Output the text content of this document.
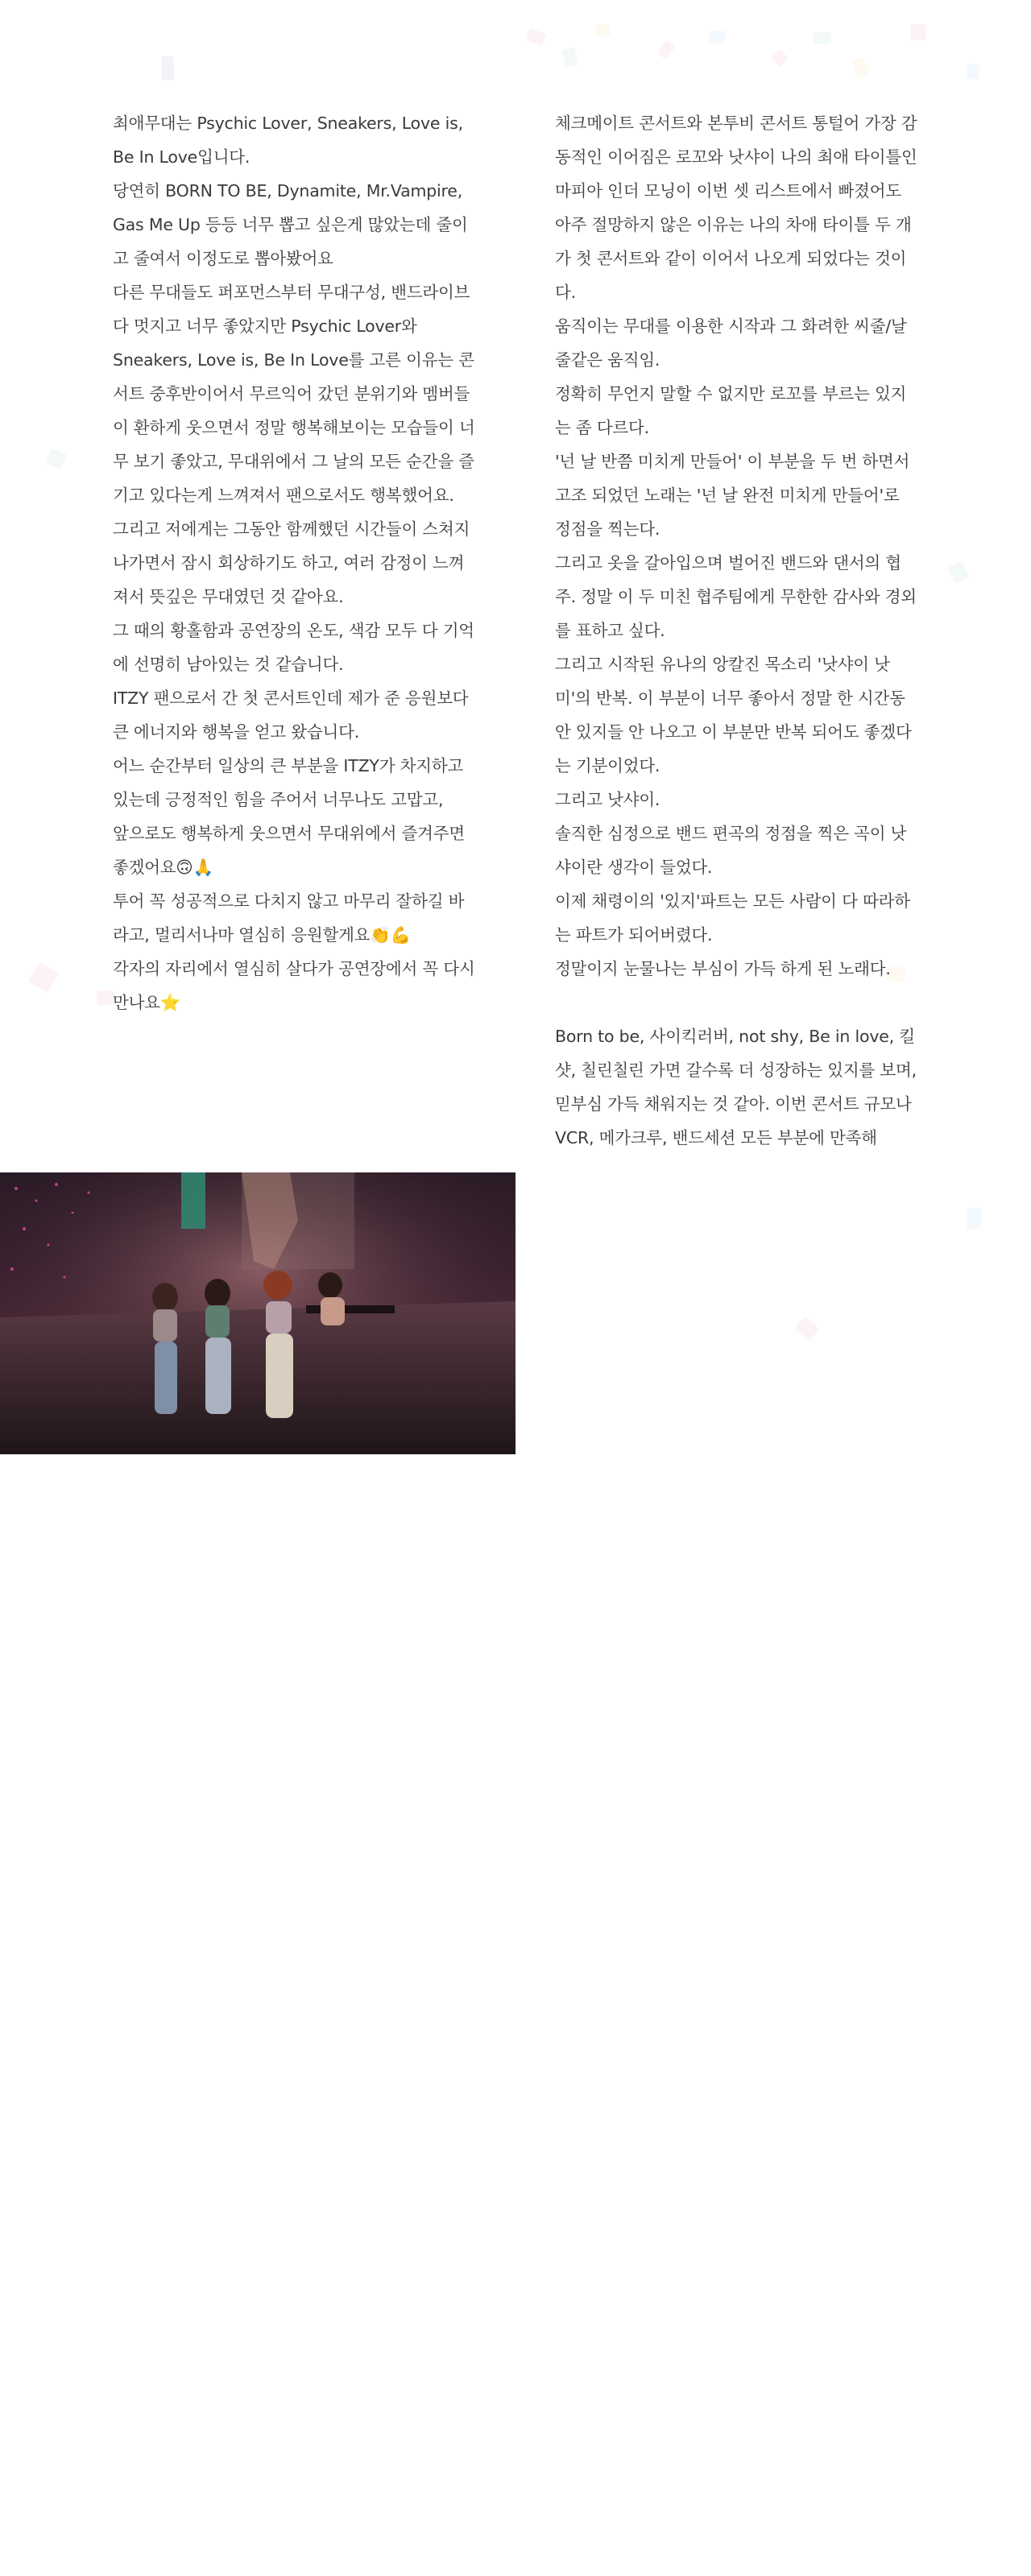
최애무대는 Psychic Lover, Sneakers, Love is, Be In Love입니다.

당연히 BORN TO BE, Dynamite, Mr.Vampire, Gas Me Up 등등 너무 뽑고 싶은게 많았는데 줄이고 줄여서 이정도로 뽑아봤어요

다른 무대들도 퍼포먼스부터 무대구성, 밴드라이브 다 멋지고 너무 좋았지만 Psychic Lover와 Sneakers, Love is, Be In Love를 고른 이유는 콘서트 중후반이어서 무르익어 갔던 분위기와 멤버들이 환하게 웃으면서 정말 행복해보이는 모습들이 너무 보기 좋았고, 무대위에서 그 날의 모든 순간을 즐기고 있다는게 느껴져서 팬으로서도 행복했어요.

그리고 저에게는 그동안 함께했던 시간들이 스쳐지나가면서 잠시 회상하기도 하고, 여러 감정이 느껴져서 뜻깊은 무대였던 것 같아요.

그 때의 황홀함과 공연장의 온도, 색감 모두 다 기억에 선명히 남아있는 것 같습니다.

ITZY 팬으로서 간 첫 콘서트인데 제가 준 응원보다 큰 에너지와 행복을 얻고 왔습니다.

어느 순간부터 일상의 큰 부분을 ITZY가 차지하고 있는데 긍정적인 힘을 주어서 너무나도 고맙고,

앞으로도 행복하게 웃으면서 무대위에서 즐겨주면 좋겠어요🙃🙏

투어 꼭 성공적으로 다치지 않고 마무리 잘하길 바라고, 멀리서나마 열심히 응원할게요👏💪

각자의 자리에서 열심히 살다가 공연장에서 꼭 다시 만나요⭐

체크메이트 콘서트와 본투비 콘서트 통털어 가장 감동적인 이어짐은 로꼬와 낫샤이 나의 최애 타이틀인 마피아 인더 모닝이 이번 셋 리스트에서 빠졌어도 아주 절망하지 않은 이유는 나의 차애 타이틀 두 개가 첫 콘서트와 같이 이어서 나오게 되었다는 것이다.

움직이는 무대를 이용한 시작과 그 화려한 씨줄/날줄같은 움직임.

정확히 무언지 말할 수 없지만 로꼬를 부르는 있지는 좀 다르다.

'넌 날 반쯤 미치게 만들어' 이 부분을 두 번 하면서 고조 되었던 노래는 '넌 날 완전 미치게 만들어'로 정점을 찍는다.

그리고 옷을 갈아입으며 벌어진 밴드와 댄서의 협주. 정말 이 두 미친 협주팀에게 무한한 감사와 경외를 표하고 싶다.

그리고 시작된 유나의 앙칼진 목소리 '낫샤이 낫미'의 반복. 이 부분이 너무 좋아서 정말 한 시간동안 있지들 안 나오고 이 부분만 반복 되어도 좋겠다는 기분이었다.

그리고 낫샤이.

솔직한 심정으로 밴드 편곡의 정점을 찍은 곡이 낫샤이란 생각이 들었다.

이제 채령이의 '있지'파트는 모든 사람이 다 따라하는 파트가 되어버렸다.

정말이지 눈물나는 부심이 가득 하게 된 노래다.

Born to be, 사이킥러버, not shy, Be in love, 킬샷, 칠린칠린 가면 갈수록 더 성장하는 있지를 보며, 믿부심 가득 채워지는 것 같아. 이번 콘서트 규모나 VCR, 메가크루, 밴드세션 모든 부분에 만족해

14
